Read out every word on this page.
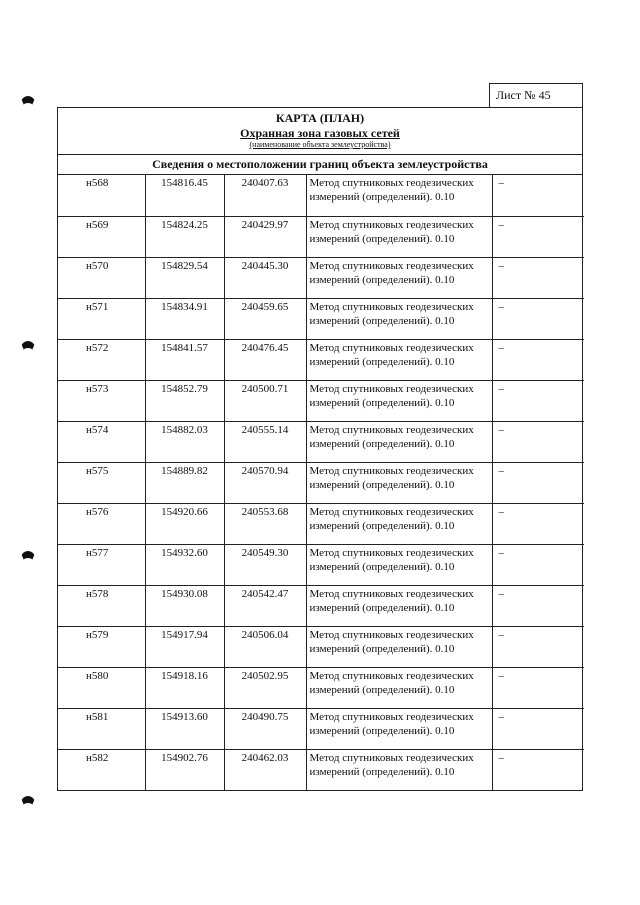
Лист № 45
КАРТА (ПЛАН)
Охранная зона газовых сетей
(наименование объекта землеустройства)
Сведения о местоположении границ объекта землеустройства
н568	154816.45	240407.63	Метод спутниковых геодезических измерений (определений). 0.10	–
н569	154824.25	240429.97	Метод спутниковых геодезических измерений (определений). 0.10	–
н570	154829.54	240445.30	Метод спутниковых геодезических измерений (определений). 0.10	–
н571	154834.91	240459.65	Метод спутниковых геодезических измерений (определений). 0.10	–
н572	154841.57	240476.45	Метод спутниковых геодезических измерений (определений). 0.10	–
н573	154852.79	240500.71	Метод спутниковых геодезических измерений (определений). 0.10	–
н574	154882.03	240555.14	Метод спутниковых геодезических измерений (определений). 0.10	–
н575	154889.82	240570.94	Метод спутниковых геодезических измерений (определений). 0.10	–
н576	154920.66	240553.68	Метод спутниковых геодезических измерений (определений). 0.10	–
н577	154932.60	240549.30	Метод спутниковых геодезических измерений (определений). 0.10	–
н578	154930.08	240542.47	Метод спутниковых геодезических измерений (определений). 0.10	–
н579	154917.94	240506.04	Метод спутниковых геодезических измерений (определений). 0.10	–
н580	154918.16	240502.95	Метод спутниковых геодезических измерений (определений). 0.10	–
н581	154913.60	240490.75	Метод спутниковых геодезических измерений (определений). 0.10	–
н582	154902.76	240462.03	Метод спутниковых геодезических измерений (определений). 0.10	–
